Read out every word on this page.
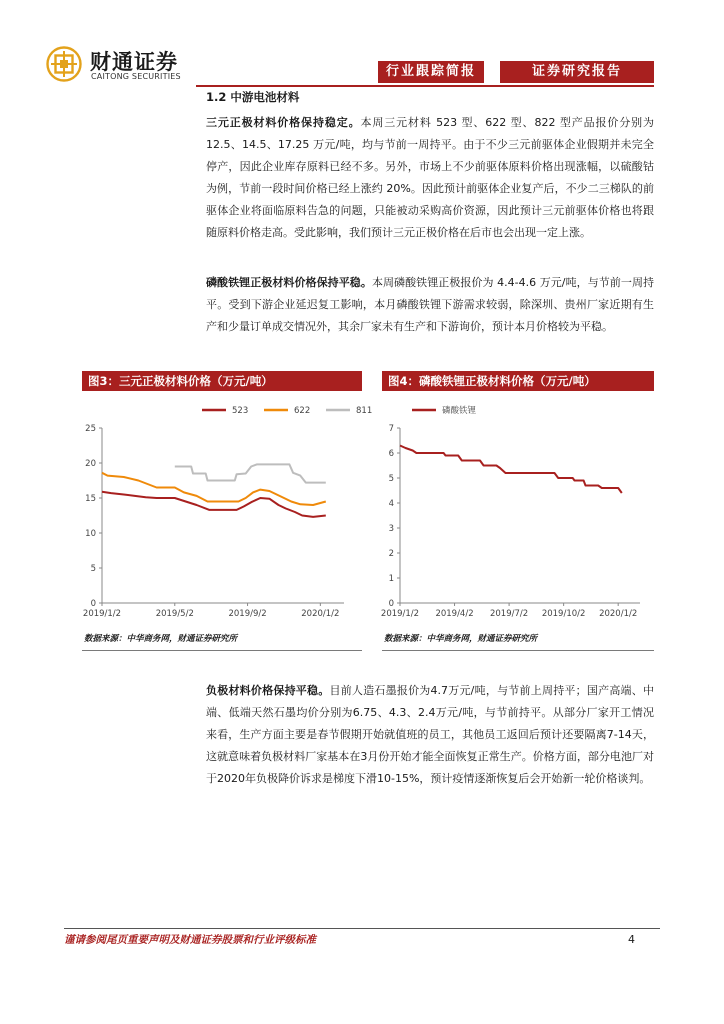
财通证券
CAITONG SECURITIES	行业跟踪简报	证券研究报告
1.2 中游电池材料
三元正极材料价格保持稳定。本周三元材料 523 型、622 型、822 型产品报价分别为 12.5、14.5、17.25 万元/吨，均与节前一周持平。由于不少三元前驱体企业假期并未完全停产，因此企业库存原料已经不多。另外，市场上不少前驱体原料价格出现涨幅，以硫酸钴为例，节前一段时间价格已经上涨约 20%。因此预计前驱体企业复产后，不少二三梯队的前驱体企业将面临原料告急的问题，只能被动采购高价资源，因此预计三元前驱体价格也将跟随原料价格走高。受此影响，我们预计三元正极价格在后市也会出现一定上涨。
磷酸铁锂正极材料价格保持平稳。本周磷酸铁锂正极报价为 4.4-4.6 万元/吨，与节前一周持平。受到下游企业延迟复工影响，本月磷酸铁锂下游需求较弱，除深圳、贵州厂家近期有生产和少量订单成交情况外，其余厂家未有生产和下游询价，预计本月价格较为平稳。
图3：三元正极材料价格（万元/吨）
0
5
10
15
20
25
2019/1/2	2019/5/2	2019/9/2	2020/1/2
523	622	811
数据来源：中华商务网，财通证券研究所
图4：磷酸铁锂正极材料价格（万元/吨）
0
1
2
3
4
5
6
7
2019/1/2 2019/4/2 2019/7/2 2019/10/2 2020/1/2
磷酸铁锂
数据来源：中华商务网，财通证券研究所
负极材料价格保持平稳。目前人造石墨报价为4.7万元/吨，与节前上周持平；国产高端、中端、低端天然石墨均价分别为6.75、4.3、2.4万元/吨，与节前持平。从部分厂家开工情况来看，生产方面主要是春节假期开始就值班的员工，其他员工返回后预计还要隔离7-14天，这就意味着负极材料厂家基本在3月份开始才能全面恢复正常生产。价格方面，部分电池厂对于2020年负极降价诉求是梯度下滑10-15%，预计疫情逐渐恢复后会开始新一轮价格谈判。
谨请参阅尾页重要声明及财通证券股票和行业评级标准	4
